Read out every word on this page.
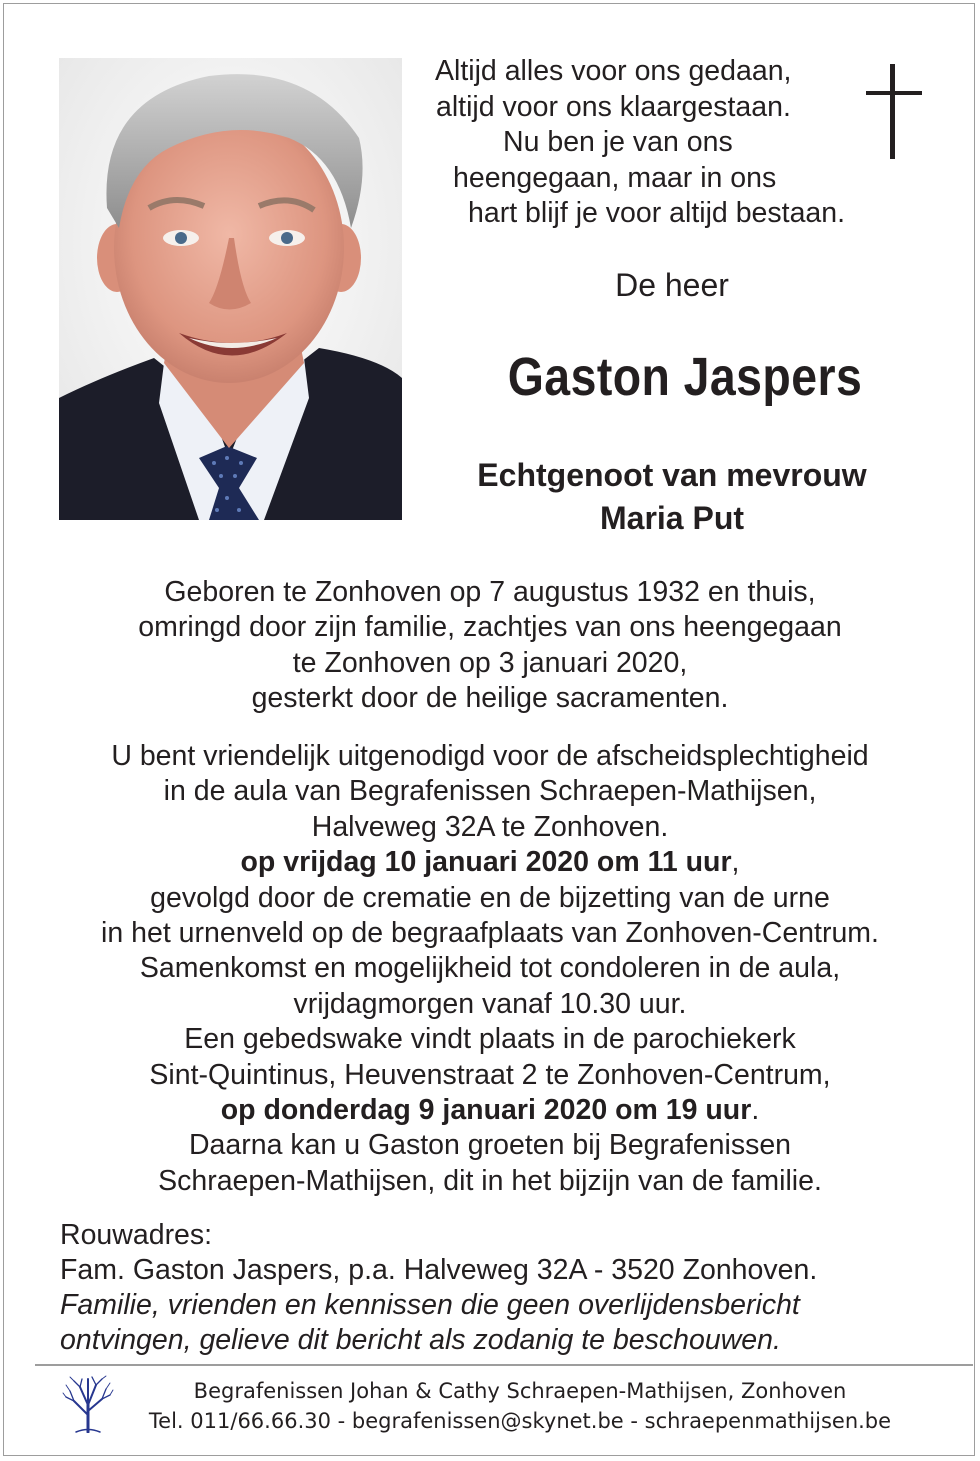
Altijd alles voor ons gedaan,
altijd voor ons klaargestaan.
Nu ben je van ons
heengegaan, maar in ons
hart blijf je voor altijd bestaan.
De heer
Gaston Jaspers
Echtgenoot van mevrouw
Maria Put
Geboren te Zonhoven op 7 augustus 1932 en thuis,
omringd door zijn familie, zachtjes van ons heengegaan
te Zonhoven op 3 januari 2020,
gesterkt door de heilige sacramenten.
U bent vriendelijk uitgenodigd voor de afscheidsplechtigheid
in de aula van Begrafenissen Schraepen-Mathijsen,
Halveweg 32A te Zonhoven.
op vrijdag 10 januari 2020 om 11 uur,
gevolgd door de crematie en de bijzetting van de urne
in het urnenveld op de begraafplaats van Zonhoven-Centrum.
Samenkomst en mogelijkheid tot condoleren in de aula,
vrijdagmorgen vanaf 10.30 uur.
Een gebedswake vindt plaats in de parochiekerk
Sint-Quintinus, Heuvenstraat 2 te Zonhoven-Centrum,
op donderdag 9 januari 2020 om 19 uur.
Daarna kan u Gaston groeten bij Begrafenissen
Schraepen-Mathijsen, dit in het bijzijn van de familie.
Rouwadres:
Fam. Gaston Jaspers, p.a. Halveweg 32A - 3520 Zonhoven.
Familie, vrienden en kennissen die geen overlijdensbericht
ontvingen, gelieve dit bericht als zodanig te beschouwen.
Begrafenissen Johan & Cathy Schraepen-Mathijsen, Zonhoven
Tel. 011/66.66.30 - begrafenissen@skynet.be - schraepenmathijsen.be
